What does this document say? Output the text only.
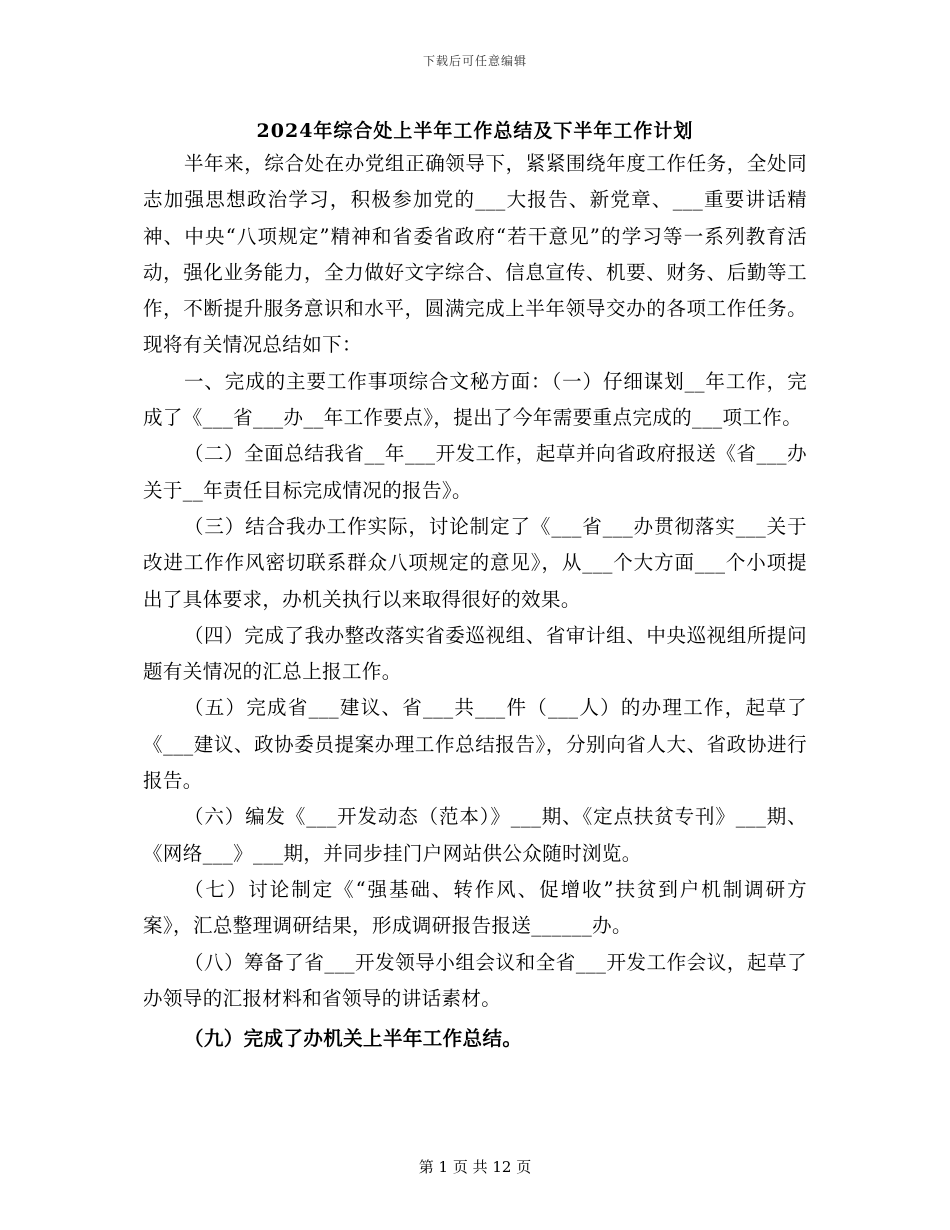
下载后可任意编辑
2024年综合处上半年工作总结及下半年工作计划

半年来，综合处在办党组正确领导下，紧紧围绕年度工作任务，全处同志加强思想政治学习，积极参加党的___大报告、新党章、___重要讲话精神、中央“八项规定”精神和省委省政府“若干意见”的学习等一系列教育活动，强化业务能力，全力做好文字综合、信息宣传、机要、财务、后勤等工作，不断提升服务意识和水平，圆满完成上半年领导交办的各项工作任务。现将有关情况总结如下：

一、完成的主要工作事项综合文秘方面：（一）仔细谋划__年工作，完成了《___省___办__年工作要点》，提出了今年需要重点完成的___项工作。

（二）全面总结我省__年___开发工作，起草并向省政府报送《省___办关于__年责任目标完成情况的报告》。

（三）结合我办工作实际，讨论制定了《___省___办贯彻落实___关于改进工作作风密切联系群众八项规定的意见》，从___个大方面___个小项提出了具体要求，办机关执行以来取得很好的效果。

（四）完成了我办整改落实省委巡视组、省审计组、中央巡视组所提问题有关情况的汇总上报工作。

（五）完成省___建议、省___共___件（___人）的办理工作，起草了《___建议、政协委员提案办理工作总结报告》，分别向省人大、省政协进行报告。

（六）编发《___开发动态（范本）》___期、《定点扶贫专刊》___期、《网络___》___期，并同步挂门户网站供公众随时浏览。

（七）讨论制定《“强基础、转作风、促增收”扶贫到户机制调研方案》，汇总整理调研结果，形成调研报告报送______办。

（八）筹备了省___开发领导小组会议和全省___开发工作会议，起草了办领导的汇报材料和省领导的讲话素材。

（九）完成了办机关上半年工作总结。

第 1 页 共 12 页
